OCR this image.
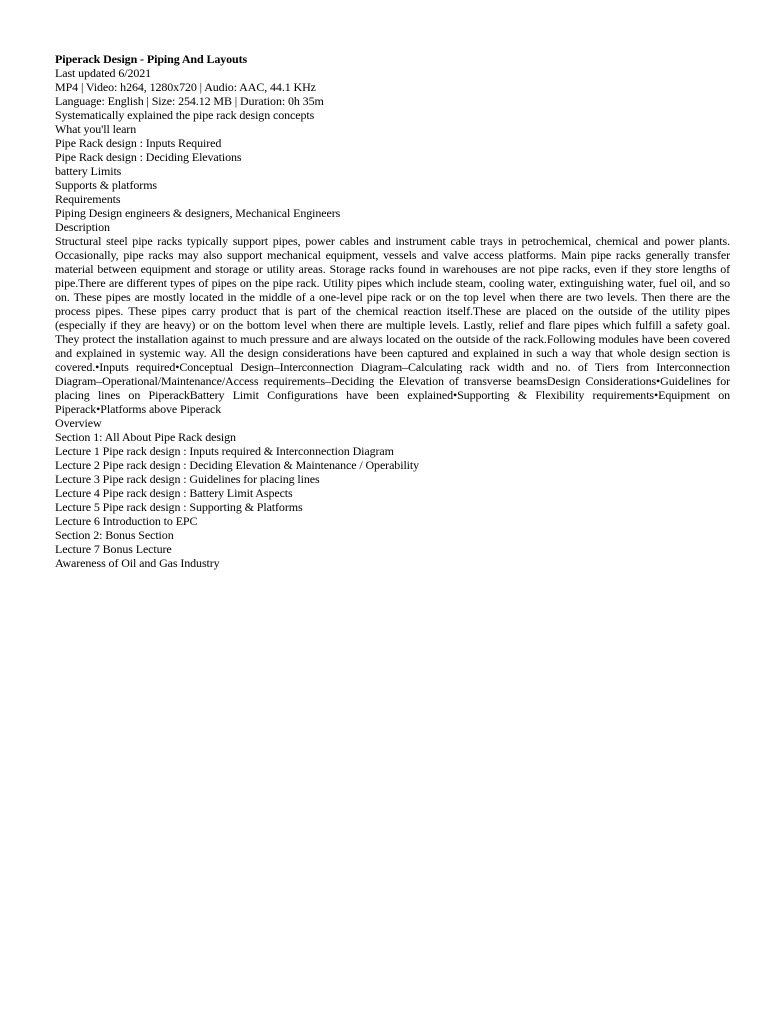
Piperack Design - Piping And Layouts
Last updated 6/2021
MP4 | Video: h264, 1280x720 | Audio: AAC, 44.1 KHz
Language: English | Size: 254.12 MB | Duration: 0h 35m
Systematically explained the pipe rack design concepts
What you'll learn
Pipe Rack design : Inputs Required
Pipe Rack design : Deciding Elevations
battery Limits
Supports & platforms
Requirements
Piping Design engineers & designers, Mechanical Engineers
Description
Structural steel pipe racks typically support pipes, power cables and instrument cable trays in petrochemical, chemical and power plants. Occasionally, pipe racks may also support mechanical equipment, vessels and valve access platforms. Main pipe racks generally transfer material between equipment and storage or utility areas. Storage racks found in warehouses are not pipe racks, even if they store lengths of pipe.There are different types of pipes on the pipe rack. Utility pipes which include steam, cooling water, extinguishing water, fuel oil, and so on. These pipes are mostly located in the middle of a one-level pipe rack or on the top level when there are two levels. Then there are the process pipes. These pipes carry product that is part of the chemical reaction itself.These are placed on the outside of the utility pipes (especially if they are heavy) or on the bottom level when there are multiple levels. Lastly, relief and flare pipes which fulfill a safety goal. They protect the installation against to much pressure and are always located on the outside of the rack.Following modules have been covered and explained in systemic way. All the design considerations have been captured and explained in such a way that whole design section is covered.•Inputs required•Conceptual Design–Interconnection Diagram–Calculating rack width and no. of Tiers from Interconnection Diagram–Operational/Maintenance/Access requirements–Deciding the Elevation of transverse beamsDesign Considerations•Guidelines for placing lines on PiperackBattery Limit Configurations have been explained•Supporting & Flexibility requirements•Equipment on Piperack•Platforms above Piperack
Overview
Section 1: All About Pipe Rack design
Lecture 1 Pipe rack design : Inputs required & Interconnection Diagram
Lecture 2 Pipe rack design : Deciding Elevation & Maintenance / Operability
Lecture 3 Pipe rack design : Guidelines for placing lines
Lecture 4 Pipe rack design : Battery Limit Aspects
Lecture 5 Pipe rack design : Supporting & Platforms
Lecture 6 Introduction to EPC
Section 2: Bonus Section
Lecture 7 Bonus Lecture
Awareness of Oil and Gas Industry
